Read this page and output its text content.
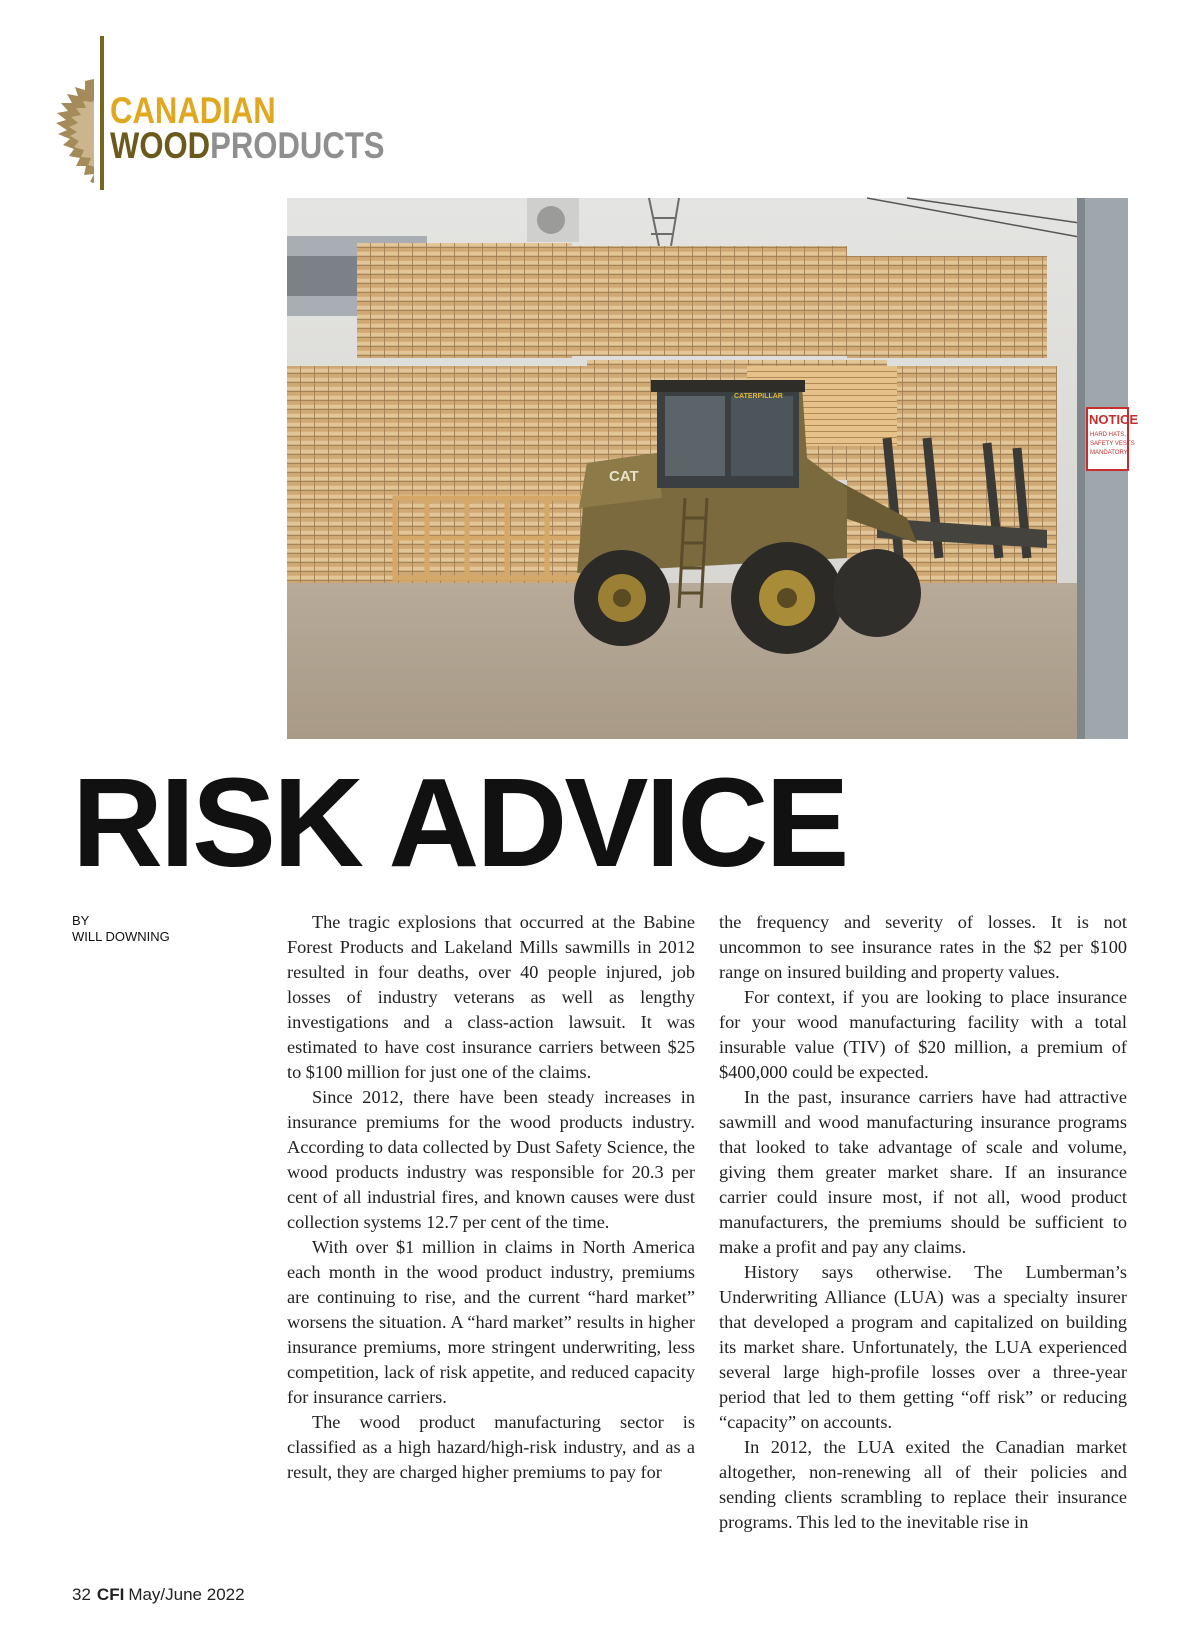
CANADIAN
WOODPRODUCTS
NOTICE
HARD HATS,
SAFETY VESTS
MANDATORY
CATERPILLAR
CAT
RISK ADVICE
BY
WILL DOWNING

The tragic explosions that occurred at the Babine Forest Products and Lakeland Mills sawmills in 2012 resulted in four deaths, over 40 people injured, job losses of industry veterans as well as lengthy investigations and a class-action lawsuit. It was estimated to have cost insurance carriers between $25 to $100 million for just one of the claims.

Since 2012, there have been steady increases in insurance premiums for the wood products industry. According to data collected by Dust Safety Science, the wood products industry was responsible for 20.3 per cent of all industrial fires, and known causes were dust collection systems 12.7 per cent of the time.

With over $1 million in claims in North America each month in the wood product industry, premiums are continuing to rise, and the current “hard market” worsens the situation. A “hard market” results in higher insurance premiums, more stringent underwriting, less competition, lack of risk appetite, and reduced capacity for insurance carriers.

The wood product manufacturing sector is classified as a high hazard/high-risk industry, and as a result, they are charged higher premiums to pay for

the frequency and severity of losses. It is not uncommon to see insurance rates in the $2 per $100 range on insured building and property values.

For context, if you are looking to place insurance for your wood manufacturing facility with a total insurable value (TIV) of $20 million, a premium of $400,000 could be expected.

In the past, insurance carriers have had attractive sawmill and wood manufacturing insurance programs that looked to take advantage of scale and volume, giving them greater market share. If an insurance carrier could insure most, if not all, wood product manufacturers, the premiums should be sufficient to make a profit and pay any claims.

History says otherwise. The Lumberman’s Underwriting Alliance (LUA) was a specialty insurer that developed a program and capitalized on building its market share. Unfortunately, the LUA experienced several large high-profile losses over a three-year period that led to them getting “off risk” or reducing “capacity” on accounts.

In 2012, the LUA exited the Canadian market altogether, non-renewing all of their policies and sending clients scrambling to replace their insurance programs. This led to the inevitable rise in

32 CFI May/June 2022
